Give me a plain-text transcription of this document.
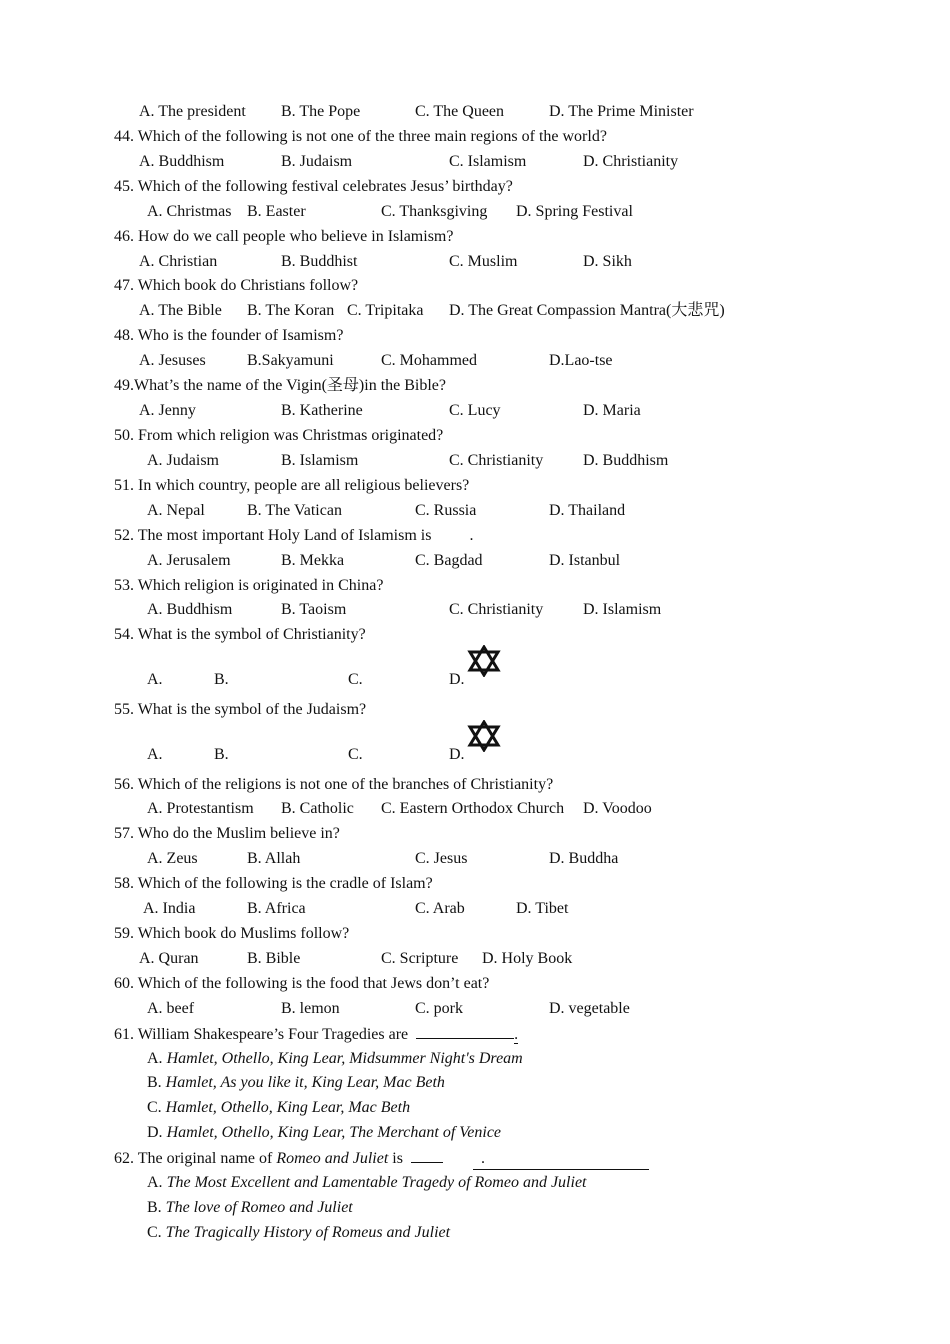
A. The president B. The Pope	C. The Queen	D. The Prime Minister
44. Which of the following is not one of the three main regions of the world?
A. Buddhism	B. Judaism	C. Islamism	D. Christianity
45. Which of the following festival celebrates Jesus’ birthday?
A. Christmas B. Easter	C. Thanksgiving D. Spring Festival
46. How do we call people who believe in Islamism?
A. Christian	B. Buddhist	C. Muslim	D. Sikh
47. Which book do Christians follow?
A. The Bible B. The Koran C. Tripitaka D. The Great Compassion Mantra(大悲咒)
48. Who is the founder of Isamism?
A. Jesuses	B.Sakyamuni	C. Mohammed	D.Lao-tse
49.What’s the name of the Vigin(圣母)in the Bible?
A. Jenny	B. Katherine	C. Lucy	D. Maria
50. From which religion was Christmas originated?
A. Judaism	B. Islamism	C. Christianity D. Buddhism
51. In which country, people are all religious believers?
A. Nepal	B. The Vatican	C. Russia	D. Thailand
52. The most important Holy Land of Islamism is .
A. Jerusalem	B. Mekka	C. Bagdad	D. Istanbul
53. Which religion is originated in China?
A. Buddhism	B. Taoism	C. Christianity D. Islamism
54. What is the symbol of Christianity?
A.	B.	C.	D.
55. What is the symbol of the Judaism?
A.	B.	C.	D.
56. Which of the religions is not one of the branches of Christianity?
A. Protestantism B. Catholic C. Eastern Orthodox Church D. Voodoo
57. Who do the Muslim believe in?
A. Zeus	B. Allah	C. Jesus	D. Buddha
58. Which of the following is the cradle of Islam?
A. India	B. Africa	C. Arab	D. Tibet
59. Which book do Muslims follow?
A. Quran	B. Bible	C. Scripture D. Holy Book
60. Which of the following is the food that Jews don’t eat?
A. beef	B. lemon	C. pork	D. vegetable
61. William Shakespeare’s Four Tragedies are	.
A. Hamlet, Othello, King Lear, Midsummer Night's Dream
B. Hamlet, As you like it, King Lear, Mac Beth
C. Hamlet, Othello, King Lear, Mac Beth
D. Hamlet, Othello, King Lear, The Merchant of Venice
62. The original name of Romeo and Juliet is	.
A. The Most Excellent and Lamentable Tragedy of Romeo and Juliet
B. The love of Romeo and Juliet
C. The Tragically History of Romeus and Juliet
